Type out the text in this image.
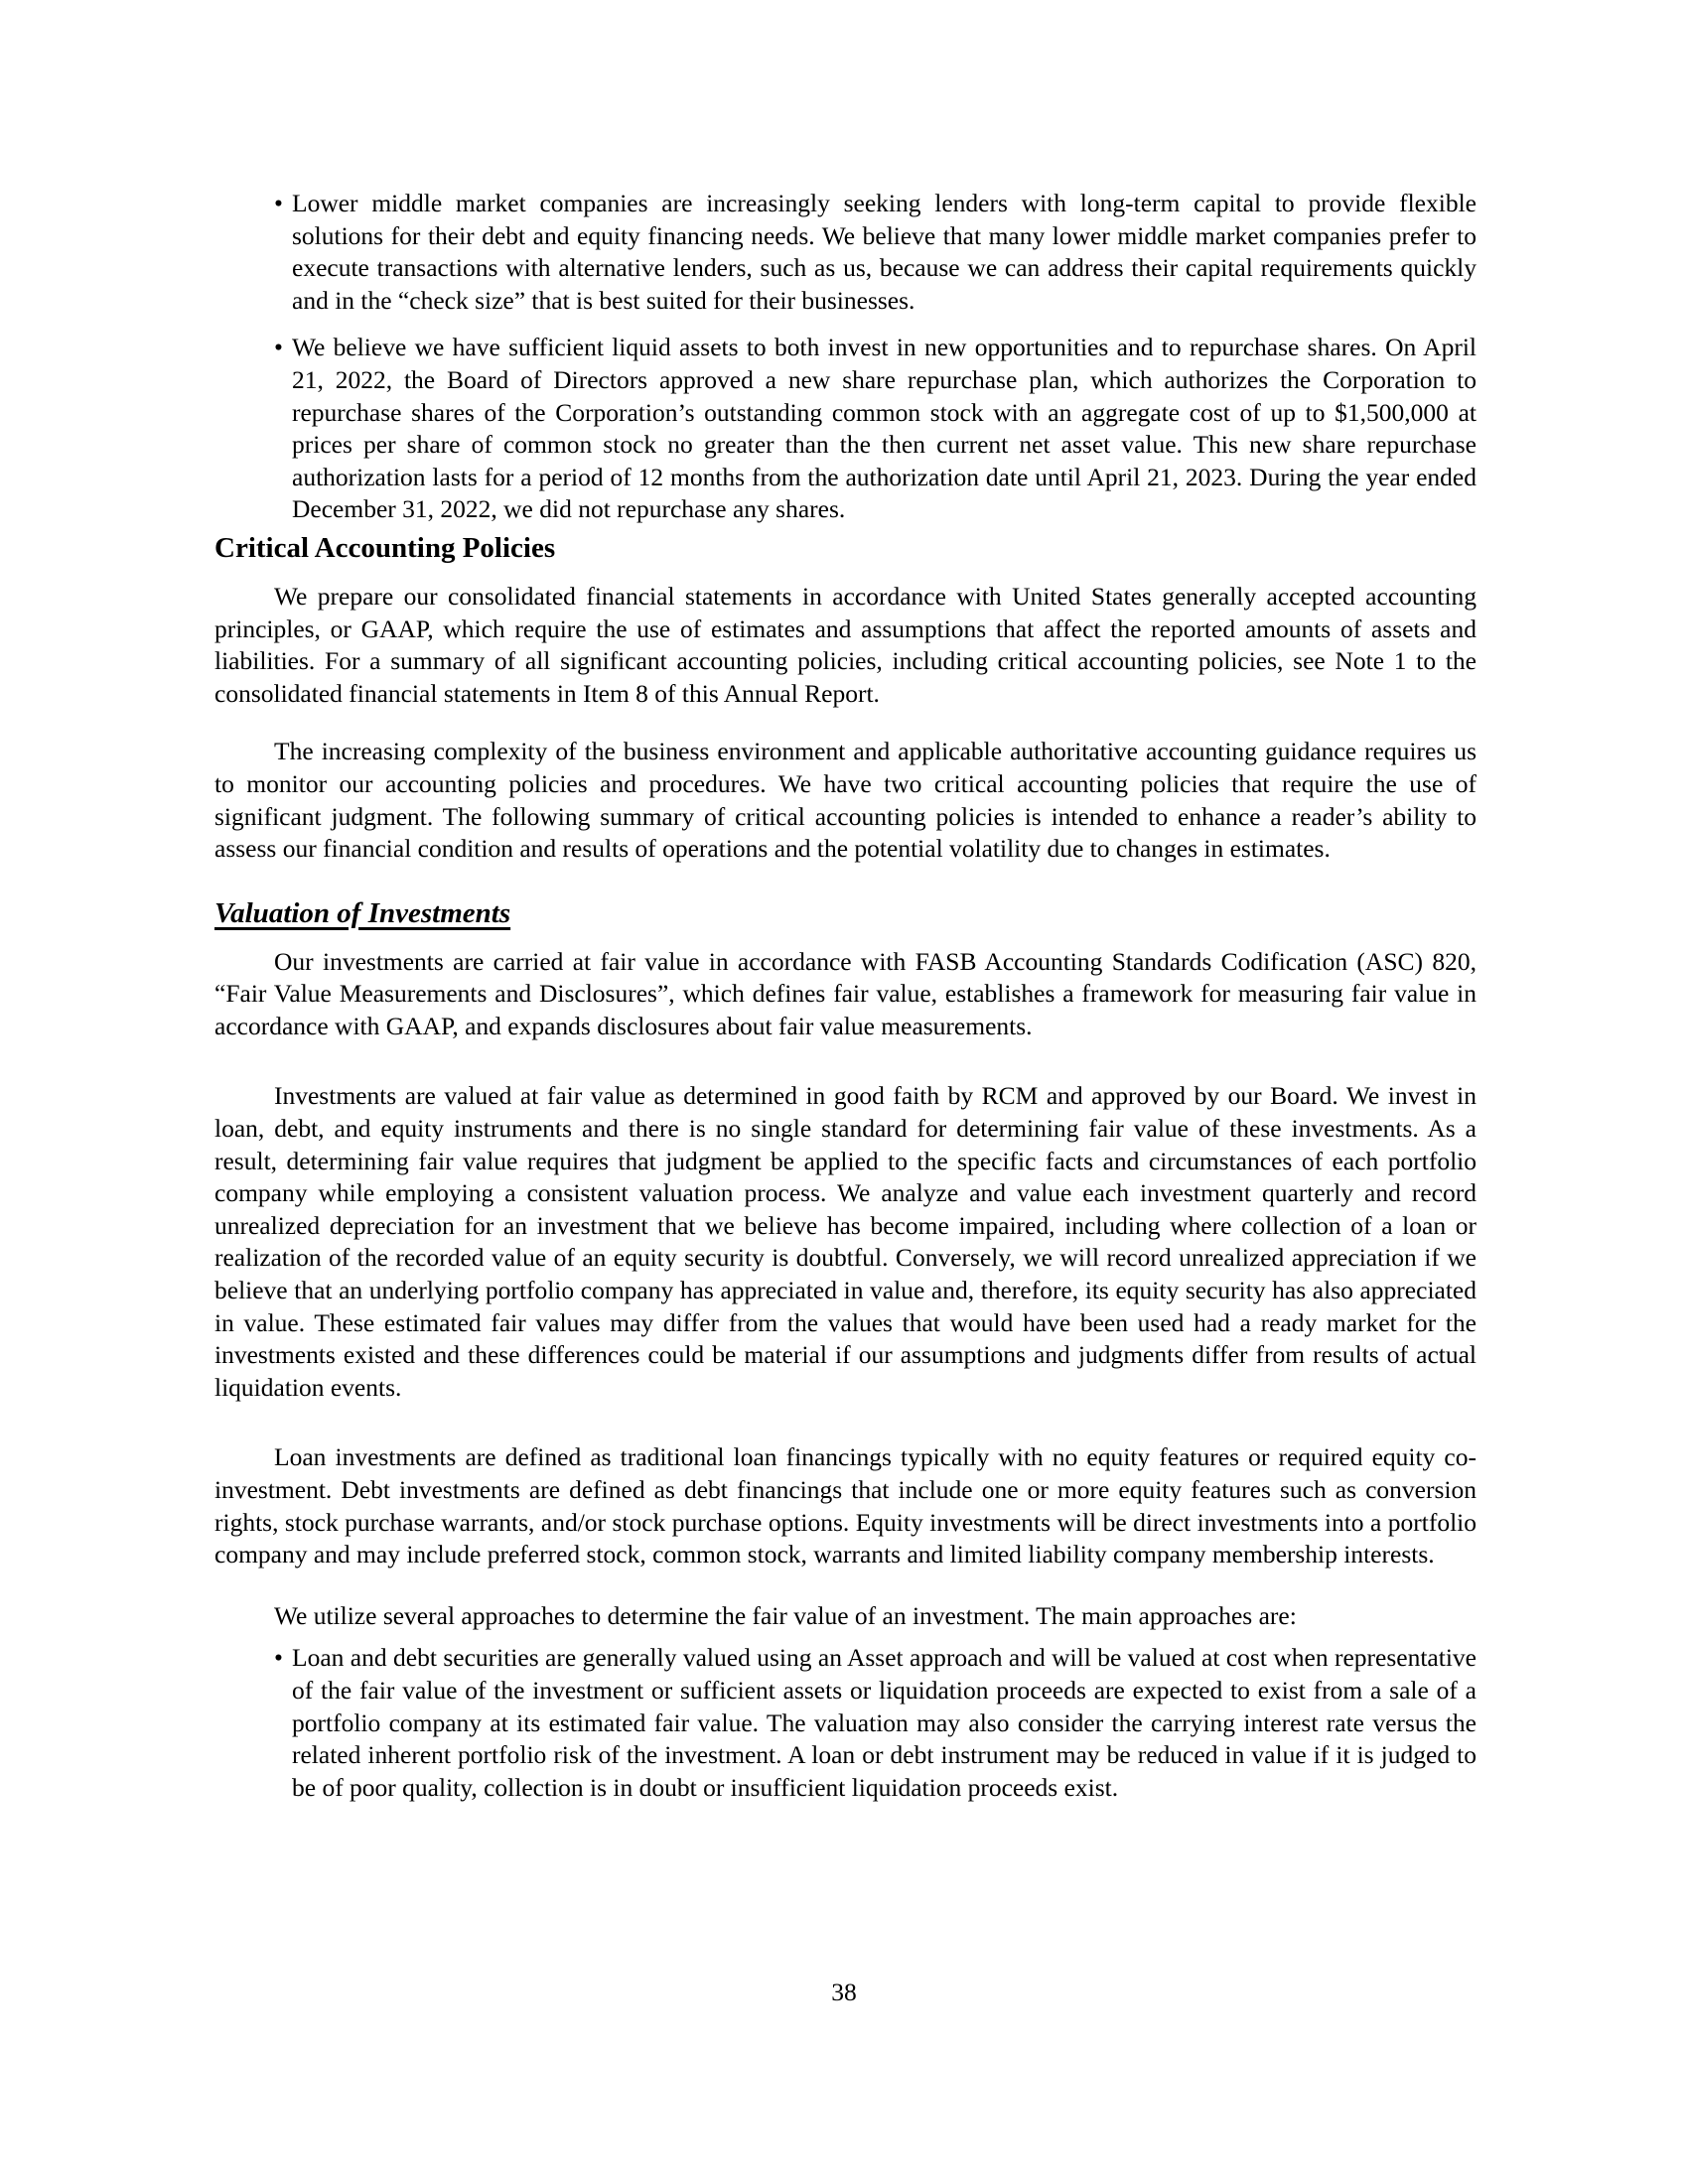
• Lower middle market companies are increasingly seeking lenders with long-term capital to provide flexible solutions for their debt and equity financing needs. We believe that many lower middle market companies prefer to execute transactions with alternative lenders, such as us, because we can address their capital requirements quickly and in the “check size” that is best suited for their businesses.
• We believe we have sufficient liquid assets to both invest in new opportunities and to repurchase shares. On April 21, 2022, the Board of Directors approved a new share repurchase plan, which authorizes the Corporation to repurchase shares of the Corporation’s outstanding common stock with an aggregate cost of up to $1,500,000 at prices per share of common stock no greater than the then current net asset value. This new share repurchase authorization lasts for a period of 12 months from the authorization date until April 21, 2023. During the year ended December 31, 2022, we did not repurchase any shares.
Critical Accounting Policies

We prepare our consolidated financial statements in accordance with United States generally accepted accounting principles, or GAAP, which require the use of estimates and assumptions that affect the reported amounts of assets and liabilities. For a summary of all significant accounting policies, including critical accounting policies, see Note 1 to the consolidated financial statements in Item 8 of this Annual Report.

The increasing complexity of the business environment and applicable authoritative accounting guidance requires us to monitor our accounting policies and procedures. We have two critical accounting policies that require the use of significant judgment. The following summary of critical accounting policies is intended to enhance a reader’s ability to assess our financial condition and results of operations and the potential volatility due to changes in estimates.

Valuation of Investments

Our investments are carried at fair value in accordance with FASB Accounting Standards Codification (ASC) 820, “Fair Value Measurements and Disclosures”, which defines fair value, establishes a framework for measuring fair value in accordance with GAAP, and expands disclosures about fair value measurements.

Investments are valued at fair value as determined in good faith by RCM and approved by our Board. We invest in loan, debt, and equity instruments and there is no single standard for determining fair value of these investments. As a result, determining fair value requires that judgment be applied to the specific facts and circumstances of each portfolio company while employing a consistent valuation process. We analyze and value each investment quarterly and record unrealized depreciation for an investment that we believe has become impaired, including where collection of a loan or realization of the recorded value of an equity security is doubtful. Conversely, we will record unrealized appreciation if we believe that an underlying portfolio company has appreciated in value and, therefore, its equity security has also appreciated in value. These estimated fair values may differ from the values that would have been used had a ready market for the investments existed and these differences could be material if our assumptions and judgments differ from results of actual liquidation events.

Loan investments are defined as traditional loan financings typically with no equity features or required equity co-investment. Debt investments are defined as debt financings that include one or more equity features such as conversion rights, stock purchase warrants, and/or stock purchase options. Equity investments will be direct investments into a portfolio company and may include preferred stock, common stock, warrants and limited liability company membership interests.

We utilize several approaches to determine the fair value of an investment. The main approaches are:

• Loan and debt securities are generally valued using an Asset approach and will be valued at cost when representative of the fair value of the investment or sufficient assets or liquidation proceeds are expected to exist from a sale of a portfolio company at its estimated fair value. The valuation may also consider the carrying interest rate versus the related inherent portfolio risk of the investment. A loan or debt instrument may be reduced in value if it is judged to be of poor quality, collection is in doubt or insufficient liquidation proceeds exist.
38
